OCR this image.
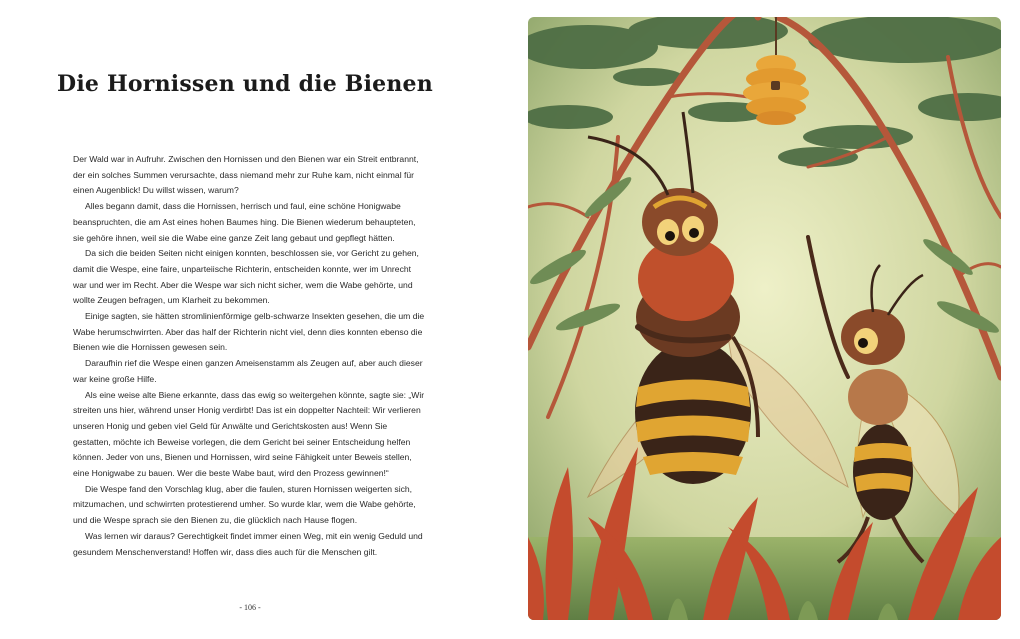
Die Hornissen und die Bienen

Der Wald war in Aufruhr. Zwischen den Hornissen und den Bienen war ein Streit entbrannt, der ein solches Summen verursachte, dass niemand mehr zur Ruhe kam, nicht einmal für einen Augenblick! Du willst wissen, warum?

Alles begann damit, dass die Hornissen, herrisch und faul, eine schöne Honigwabe beanspruchten, die am Ast eines hohen Baumes hing. Die Bienen wiederum behaupteten, sie gehöre ihnen, weil sie die Wabe eine ganze Zeit lang gebaut und gepflegt hätten.

Da sich die beiden Seiten nicht einigen konnten, beschlossen sie, vor Gericht zu gehen, damit die Wespe, eine faire, unparteiische Richterin, entscheiden konnte, wer im Unrecht war und wer im Recht. Aber die Wespe war sich nicht sicher, wem die Wabe gehörte, und wollte Zeugen befragen, um Klarheit zu bekommen.

Einige sagten, sie hätten stromlinienförmige gelb-schwarze Insekten gesehen, die um die Wabe herumschwirrten. Aber das half der Richterin nicht viel, denn dies konnten ebenso die Bienen wie die Hornissen gewesen sein.

Daraufhin rief die Wespe einen ganzen Ameisenstamm als Zeugen auf, aber auch dieser war keine große Hilfe.

Als eine weise alte Biene erkannte, dass das ewig so weitergehen könnte, sagte sie: „Wir streiten uns hier, während unser Honig verdirbt! Das ist ein doppelter Nachteil: Wir verlieren unseren Honig und geben viel Geld für Anwälte und Gerichtskosten aus! Wenn Sie gestatten, möchte ich Beweise vorlegen, die dem Gericht bei seiner Entscheidung helfen können. Jeder von uns, Bienen und Hornissen, wird seine Fähigkeit unter Beweis stellen, eine Honigwabe zu bauen. Wer die beste Wabe baut, wird den Prozess gewinnen!“

Die Wespe fand den Vorschlag klug, aber die faulen, sturen Hornissen weigerten sich, mitzumachen, und schwirrten protestierend umher. So wurde klar, wem die Wabe gehörte, und die Wespe sprach sie den Bienen zu, die glücklich nach Hause flogen.

Was lernen wir daraus? Gerechtigkeit findet immer einen Weg, mit ein wenig Geduld und gesundem Menschenverstand! Hoffen wir, dass dies auch für die Menschen gilt.

- 106 -
